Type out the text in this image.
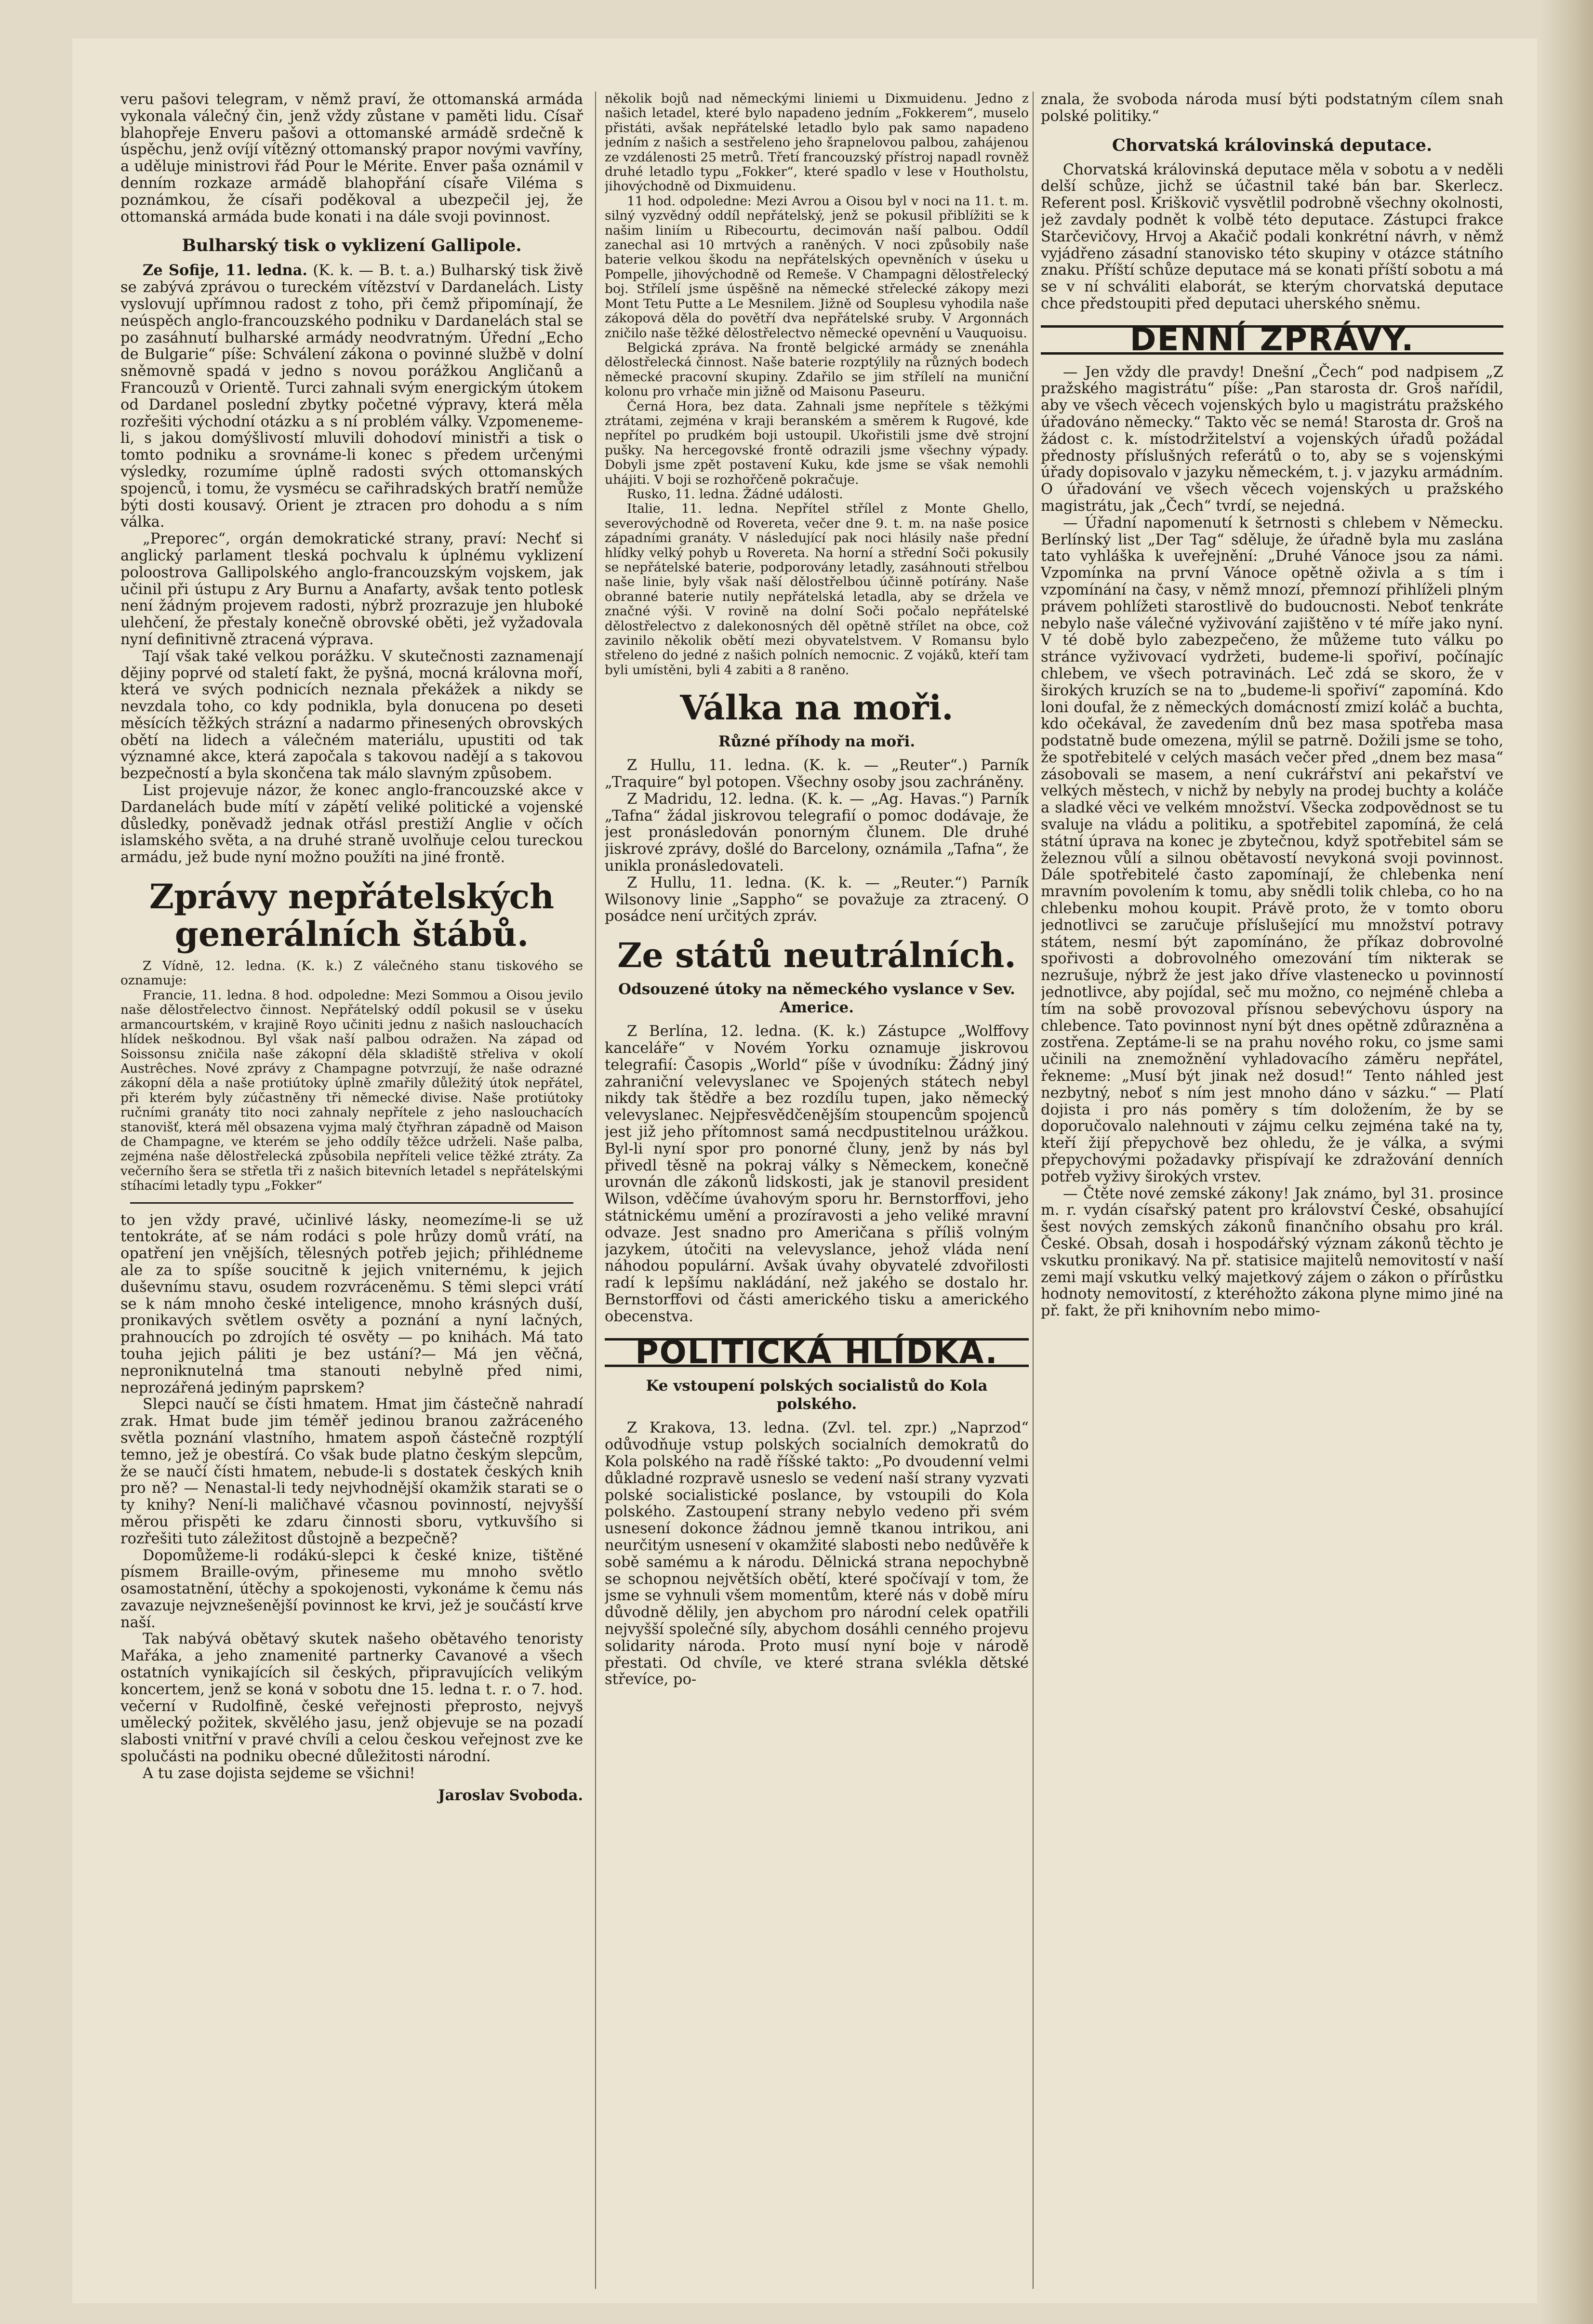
veru pašovi telegram, v němž praví, že ottomanská armáda vykonala válečný čin, jenž vždy zůstane v paměti lidu. Císař blahopřeje Enveru pašovi a ottomanské armádě srdečně k úspěchu, jenž ovíjí vítězný ottomanský prapor novými vavříny, a uděluje ministrovi řád Pour le Mérite. Enver paša oznámil v denním rozkaze armádě blahopřání císaře Viléma s poznámkou, že císaři poděkoval a ubezpečil jej, že ottomanská armáda bude konati i na dále svoji povinnost.

Bulharský tisk o vyklizení Gallipole.

Ze Sofije, 11. ledna. (K. k. — B. t. a.) Bulharský tisk živě se zabývá zprávou o tureckém vítězství v Dardanelách. Listy vyslovují upřímnou radost z toho, při čemž připomínají, že neúspěch anglo-francouzského podniku v Dardanelách stal se po zasáhnutí bulharské armády neodvratným. Úřední „Echo de Bulgarie“ píše: Schválení zákona o povinné službě v dolní sněmovně spadá v jedno s novou porážkou Angličanů a Francouzů v Orientě. Turci zahnali svým energickým útokem od Dardanel poslední zbytky početné výpravy, která měla rozřešiti východní otázku a s ní problém války. Vzpomeneme-li, s jakou domýšlivostí mluvili dohodoví ministři a tisk o tomto podniku a srovnáme-li konec s předem určenými výsledky, rozumíme úplně radosti svých ottomanských spojenců, i tomu, že vysmécu se cařihradských bratří nemůže býti dosti kousavý. Orient je ztracen pro dohodu a s ním válka.

„Preporec“, orgán demokratické strany, praví: Nechť si anglický parlament tleská pochvalu k úplnému vyklizení poloostrova Gallipolského anglo-francouzským vojskem, jak učinil při ústupu z Ary Burnu a Anafarty, avšak tento potlesk není žádným projevem radosti, nýbrž prozrazuje jen hluboké ulehčení, že přestaly konečně obrovské oběti, jež vyžadovala nyní definitivně ztracená výprava.

Tají však také velkou porážku. V skutečnosti zaznamenají dějiny poprvé od staletí fakt, že pyšná, mocná královna moří, která ve svých podnicích neznala překážek a nikdy se nevzdala toho, co kdy podnikla, byla donucena po deseti měsících těžkých strázní a nadarmo přinesených obrovských obětí na lidech a válečném materiálu, upustiti od tak významné akce, která započala s takovou nadějí a s takovou bezpečností a byla skončena tak málo slavným způsobem.

List projevuje názor, že konec anglo-francouzské akce v Dardanelách bude mítí v zápětí veliké politické a vojenské důsledky, poněvadž jednak otřásl prestiží Anglie v očích islamského světa, a na druhé straně uvolňuje celou tureckou armádu, jež bude nyní možno použíti na jiné frontě.

Zprávy nepřátelských generálních štábů.

Z Vídně, 12. ledna. (K. k.) Z válečného stanu tiskového se oznamuje:

Francie, 11. ledna. 8 hod. odpoledne: Mezi Sommou a Oisou jevilo naše dělostřelectvo činnost. Nepřátelský oddíl pokusil se v úseku armancourtském, v krajině Royo učiniti jednu z našich naslouchacích hlídek neškodnou. Byl však naší palbou odražen. Na západ od Soissonsu zničila naše zákopní děla skladiště střeliva v okolí Austrêches. Nové zprávy z Champagne potvrzují, že naše odrazné zákopní děla a naše protiútoky úplně zmařily důležitý útok nepřátel, při kterém byly zúčastněny tři německé divise. Naše protiútoky ručními granáty tito noci zahnaly nepřítele z jeho naslouchacích stanovišť, která měl obsazena vyjma malý čtyřhran západně od Maison de Champagne, ve kterém se jeho oddíly těžce udrželi. Naše palba, zejména naše dělostřelecká způsobila nepříteli velice těžké ztráty. Za večerního šera se střetla tři z našich bitevních letadel s nepřátelskými stíhacími letadly typu „Fokker“

to jen vždy pravé, učinlivé lásky, neomezíme-li se už tentokráte, ať se nám rodáci s pole hrůzy domů vrátí, na opatření jen vnějších, tělesných potřeb jejich; přihlédneme ale za to spíše soucitně k jejich vniternému, k jejich duševnímu stavu, osudem rozvráceněmu. S těmi slepci vrátí se k nám mnoho české inteligence, mnoho krásných duší, pronikavých světlem osvěty a poznání a nyní lačných, prahnoucích po zdrojích té osvěty — po knihách. Má tato touha jejich páliti je bez ustání?— Má jen věčná, neproniknutelná tma stanouti nebylně před nimi, neprozářená jediným paprskem?

Slepci naučí se čísti hmatem. Hmat jim částečně nahradí zrak. Hmat bude jim téměř jedinou branou zažráceného světla poznání vlastního, hmatem aspoň částečně rozptýlí temno, jež je obestírá. Co však bude platno českým slepcům, že se naučí čísti hmatem, nebude-li s dostatek českých knih pro ně? — Nenastal-li tedy nejvhodnější okamžik starati se o ty knihy? Není-li maličhavé včasnou povinností, nejvyšší měrou přispěti ke zdaru činnosti sboru, vytkuvšího si rozřešiti tuto záležitost důstojně a bezpečně?

Dopomůžeme-li rodákú-slepci k české knize, tištěné písmem Braille-ovým, přineseme mu mnoho světlo osamostatnění, útěchy a spokojenosti, vykonáme k čemu nás zavazuje nejvznešenější povinnost ke krvi, jež je součástí krve naší.

Tak nabývá obětavý skutek našeho obětavého tenoristy Mařáka, a jeho znamenité partnerky Cavanové a všech ostatních vynikajících sil českých, připravujících velikým koncertem, jenž se koná v sobotu dne 15. ledna t. r. o 7. hod. večerní v Rudolfině, české veřejnosti přeprosto, nejvyš umělecký požitek, skvělého jasu, jenž objevuje se na pozadí slabosti vnitřní v pravé chvíli a celou českou veřejnost zve ke spolučásti na podniku obecné důležitosti národní.

A tu zase dojista sejdeme se všichni!

Jaroslav Svoboda.

několik bojů nad německými liniemi u Dixmuidenu. Jedno z našich letadel, které bylo napadeno jedním „Fokkerem“, muselo přistáti, avšak nepřátelské letadlo bylo pak samo napadeno jedním z našich a sestřeleno jeho šrapnelovou palbou, zahájenou ze vzdálenosti 25 metrů. Třetí francouzský přístroj napadl rovněž druhé letadlo typu „Fokker“, které spadlo v lese v Houtholstu, jihovýchodně od Dixmuidenu.

11 hod. odpoledne: Mezi Avrou a Oisou byl v noci na 11. t. m. silný vyzvědný oddíl nepřátelský, jenž se pokusil přiblížiti se k našim liniím u Ribecourtu, decimován naší palbou. Oddíl zanechal asi 10 mrtvých a raněných. V noci způsobily naše baterie velkou škodu na nepřátelských opevněních v úseku u Pompelle, jihovýchodně od Remeše. V Champagni dělostřelecký boj. Střílelí jsme úspěšně na německé střelecké zákopy mezi Mont Tetu Putte a Le Mesnilem. Jižně od Souplesu vyhodila naše zákopová děla do povětří dva nepřátelské sruby. V Argonnách zničilo naše těžké dělostřelectvo německé opevnění u Vauquoisu.

Belgická zpráva. Na frontě belgické armády se znenáhla dělostřelecká činnost. Naše baterie rozptýlily na různých bodech německé pracovní skupiny. Zdařilo se jim střílelí na muniční kolonu pro vrhače min jižně od Maisonu Paseuru.

Černá Hora, bez data. Zahnali jsme nepřítele s těžkými ztrátami, zejména v kraji beranském a směrem k Rugové, kde nepřítel po prudkém boji ustoupil. Ukořistili jsme dvě strojní pušky. Na hercegovské frontě odrazili jsme všechny výpady. Dobyli jsme zpět postavení Kuku, kde jsme se však nemohli uhájiti. V boji se rozhořčeně pokračuje.

Rusko, 11. ledna. Žádné události.

Italie, 11. ledna. Nepřítel střílel z Monte Ghello, severovýchodně od Rovereta, večer dne 9. t. m. na naše posice západními granáty. V následující pak noci hlásily naše přední hlídky velký pohyb u Rovereta. Na horní a střední Soči pokusily se nepřátelské baterie, podporovány letadly, zasáhnouti střelbou naše linie, byly však naší dělostřelbou účinně potírány. Naše obranné baterie nutily nepřátelská letadla, aby se držela ve značné výši. V rovině na dolní Soči počalo nepřátelské dělostřelectvo z dalekonosných děl opětně střílet na obce, což zavinilo několik obětí mezi obyvatelstvem. V Romansu bylo střeleno do jedné z našich polních nemocnic. Z vojáků, kteří tam byli umístěni, byli 4 zabiti a 8 raněno.

Válka na moři.
Různé příhody na moři.

Z Hullu, 11. ledna. (K. k. — „Reuter“.) Parník „Traquire“ byl potopen. Všechny osoby jsou zachráněny.

Z Madridu, 12. ledna. (K. k. — „Ag. Havas.“) Parník „Tafna“ žádal jiskrovou telegrafií o pomoc dodávaje, že jest pronásledován ponorným člunem. Dle druhé jiskrové zprávy, došlé do Barcelony, oznámila „Tafna“, že unikla pronásledovateli.

Z Hullu, 11. ledna. (K. k. — „Reuter.“) Parník Wilsonovy linie „Sappho“ se považuje za ztracený. O posádce není určitých zpráv.

Ze států neutrálních.
Odsouzené útoky na německého vyslance v Sev. Americe.

Z Berlína, 12. ledna. (K. k.) Zástupce „Wolffovy kanceláře“ v Novém Yorku oznamuje jiskrovou telegrafií: Časopis „World“ píše v úvodníku: Žádný jiný zahraniční velevyslanec ve Spojených státech nebyl nikdy tak štědře a bez rozdílu tupen, jako německý velevyslanec. Nejpřesvědčenějším stoupencům spojenců jest již jeho přítomnost samá necdpustitelnou urážkou. Byl-li nyní spor pro ponorné čluny, jenž by nás byl přivedl těsně na pokraj války s Německem, konečně urovnán dle zákonů lidskosti, jak je stanovil president Wilson, vděčíme úvahovým sporu hr. Bernstorffovi, jeho státnickému umění a prozíravosti a jeho veliké mravní odvaze. Jest snadno pro Američana s příliš volným jazykem, útočiti na velevyslance, jehož vláda není náhodou populární. Avšak úvahy obyvatelé zdvořilosti radí k lepšímu nakládání, než jakého se dostalo hr. Bernstorffovi od části amerického tisku a amerického obecenstva.

POLITICKÁ HLÍDKA.
Ke vstoupení polských socialistů do Kola polského.

Z Krakova, 13. ledna. (Zvl. tel. zpr.) „Naprzod“ odůvodňuje vstup polských socialních demokratů do Kola polského na radě říšské takto: „Po dvoudenní velmi důkladné rozpravě usneslo se vedení naší strany vyzvati polské socialistické poslance, by vstoupili do Kola polského. Zastoupení strany nebylo vedeno při svém usnesení dokonce žádnou jemně tkanou intrikou, ani neurčitým usnesení v okamžité slabosti nebo nedůvěře k sobě samému a k národu. Dělnická strana nepochybně se schopnou největších obětí, které spočívají v tom, že jsme se vyhnuli všem momentům, které nás v době míru důvodně dělily, jen abychom pro národní celek opatřili nejvyšší společné síly, abychom dosáhli cenného projevu solidarity národa. Proto musí nyní boje v národě přestati. Od chvíle, ve které strana svlékla dětské střevíce, po-

znala, že svoboda národa musí býti podstatným cílem snah polské politiky.“

Chorvatská královinská deputace.

Chorvatská královinská deputace měla v sobotu a v neděli delší schůze, jichž se účastnil také bán bar. Skerlecz. Referent posl. Kriškovič vysvětlil podrobně všechny okolnosti, jež zavdaly podnět k volbě této deputace. Zástupci frakce Starčevičovy, Hrvoj a Akačič podali konkrétní návrh, v němž vyjádřeno zásadní stanovisko této skupiny v otázce státního znaku. Příští schůze deputace má se konati příští sobotu a má se v ní schváliti elaborát, se kterým chorvatská deputace chce předstoupiti před deputaci uherského sněmu.

DENNÍ ZPRÁVY.

— Jen vždy dle pravdy! Dnešní „Čech“ pod nadpisem „Z pražského magistrátu“ píše: „Pan starosta dr. Groš nařídil, aby ve všech věcech vojenských bylo u magistrátu pražského úřadováno německy.“ Takto věc se nemá! Starosta dr. Groš na žádost c. k. místodržitelství a vojenských úřadů požádal přednosty příslušných referátů o to, aby se s vojenskými úřady dopisovalo v jazyku německém, t. j. v jazyku armádním. O úřadování ve všech věcech vojenských u pražského magistrátu, jak „Čech“ tvrdí, se nejedná.

— Úřadní napomenutí k šetrnosti s chlebem v Německu. Berlínský list „Der Tag“ sděluje, že úřadně byla mu zaslána tato vyhláška k uveřejnění: „Druhé Vánoce jsou za námi. Vzpomínka na první Vánoce opětně oživla a s tím i vzpomínání na časy, v němž mnozí, přemnozí přihlíželi plným právem pohlížeti starostlivě do budoucnosti. Neboť tenkráte nebylo naše válečné vyživování zajištěno v té míře jako nyní. V té době bylo zabezpečeno, že můžeme tuto válku po stránce vyživovací vydržeti, budeme-li spořiví, počínajíc chlebem, ve všech potravinách. Leč zdá se skoro, že v širokých kruzích se na to „budeme-li spořiví“ zapomíná. Kdo loni doufal, že z německých domácností zmizí koláč a buchta, kdo očekával, že zavedením dnů bez masa spotřeba masa podstatně bude omezena, mýlil se patrně. Dožili jsme se toho, že spotřebitelé v celých masách večer před „dnem bez masa“ zásobovali se masem, a není cukrářství ani pekařství ve velkých městech, v nichž by nebyly na prodej buchty a koláče a sladké věci ve velkém množství. Všecka zodpovědnost se tu svaluje na vládu a politiku, a spotřebitel zapomíná, že celá státní úprava na konec je zbytečnou, když spotřebitel sám se železnou vůlí a silnou obětavostí nevykoná svoji povinnost. Dále spotřebitelé často zapomínají, že chlebenka není mravním povolením k tomu, aby snědli tolik chleba, co ho na chlebenku mohou koupit. Právě proto, že v tomto oboru jednotlivci se zaručuje příslušející mu množství potravy státem, nesmí být zapomínáno, že příkaz dobrovolné spořivosti a dobrovolného omezování tím nikterak se nezrušuje, nýbrž že jest jako dříve vlastenecko u povinností jednotlivce, aby pojídal, seč mu možno, co nejméně chleba a tím na sobě provozoval přísnou sebevýchovu úspory na chlebence. Tato povinnost nyní být dnes opětně zdůrazněna a zostřena. Zeptáme-li se na prahu nového roku, co jsme sami učinili na znemožnění vyhladovacího záměru nepřátel, řekneme: „Musí být jinak než dosud!“ Tento náhled jest nezbytný, neboť s ním jest mnoho dáno v sázku.“ — Platí dojista i pro nás poměry s tím doložením, že by se doporučovalo nalehnouti v zájmu celku zejména také na ty, kteří žijí přepychově bez ohledu, že je válka, a svými přepychovými požadavky přispívají ke zdražování denních potřeb vyživy širokých vrstev.

— Čtěte nové zemské zákony! Jak známo, byl 31. prosince m. r. vydán císařský patent pro království České, obsahující šest nových zemských zákonů finančního obsahu pro král. České. Obsah, dosah i hospodářský význam zákonů těchto je vskutku pronikavý. Na př. statisice majitelů nemovitostí v naší zemi mají vskutku velký majetkový zájem o zákon o přírůstku hodnoty nemovitostí, z kteréhožto zákona plyne mimo jiné na př. fakt, že při knihovním nebo mimo-
